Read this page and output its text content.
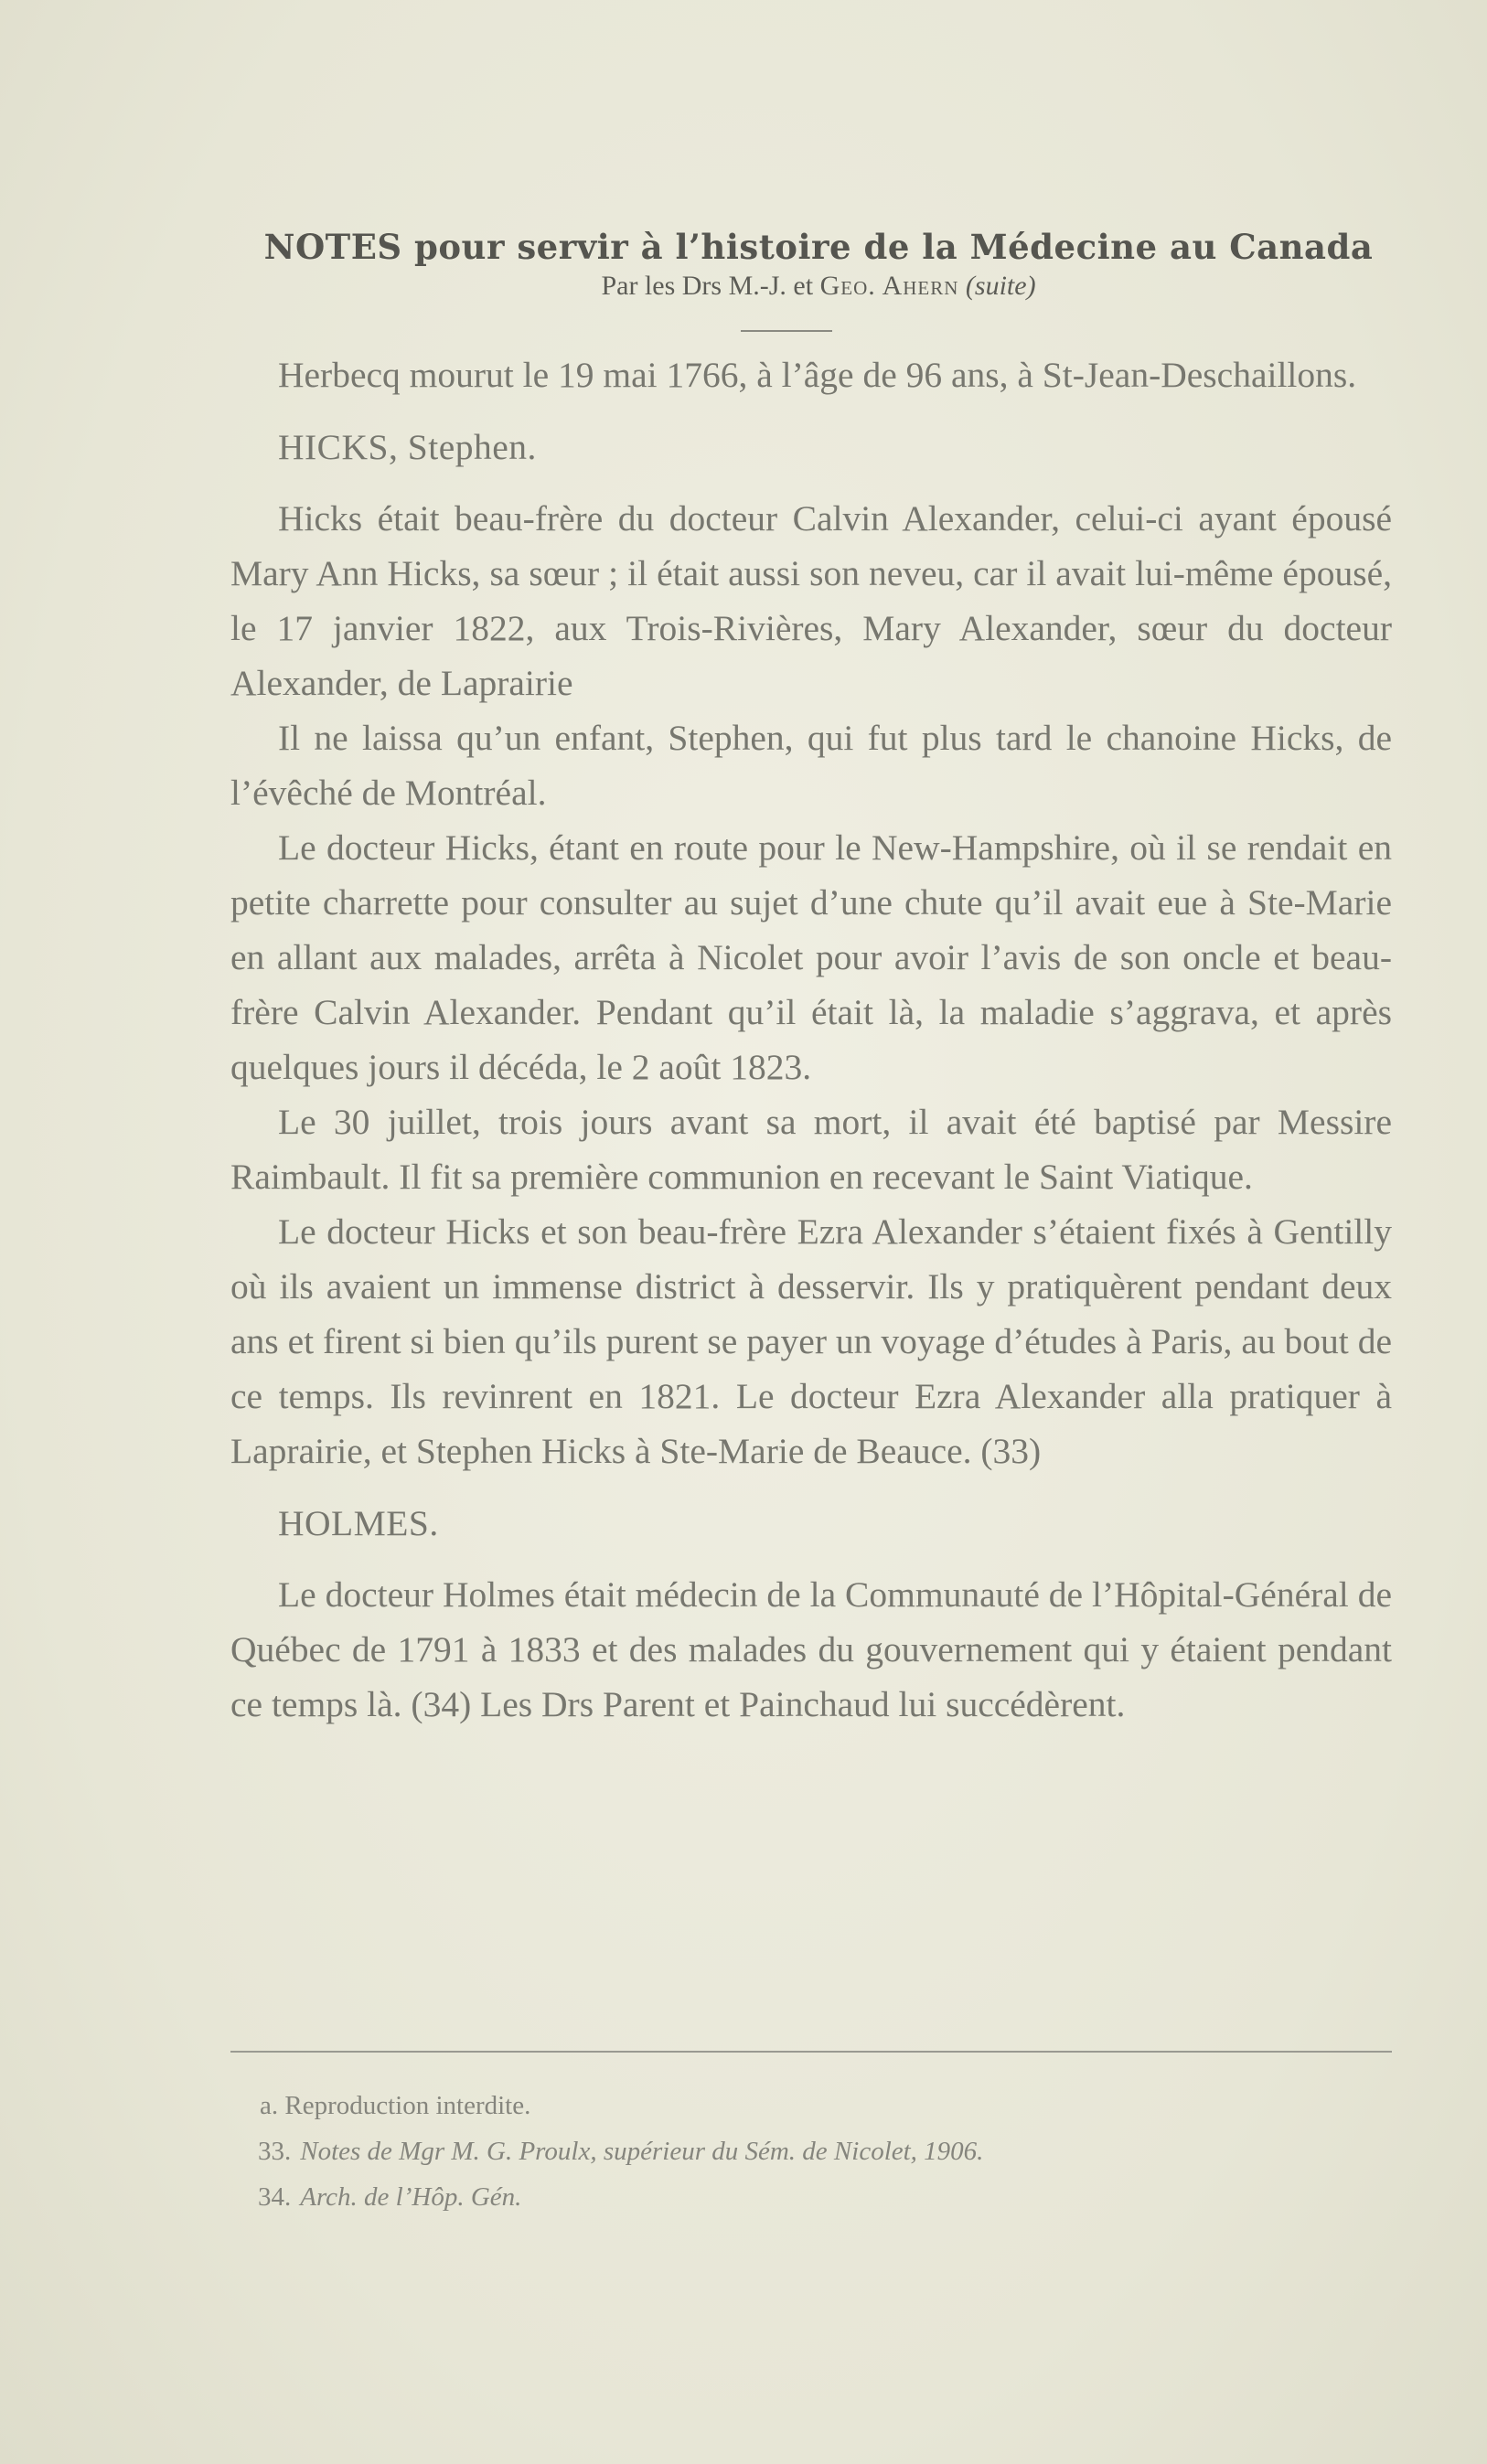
NOTES pour servir à l’histoire de la Médecine au Canada
Par les Drs M.-J. et Geo. Ahern (suite)

Herbecq mourut le 19 mai 1766, à l’âge de 96 ans, à St-Jean-Deschaillons.

HICKS, Stephen.

Hicks était beau-frère du docteur Calvin Alexander, celui-ci ayant épousé Mary Ann Hicks, sa sœur ; il était aussi son neveu, car il avait lui-même épousé, le 17 janvier 1822, aux Trois-Rivières, Mary Alexander, sœur du docteur Alexander, de Laprairie

Il ne laissa qu’un enfant, Stephen, qui fut plus tard le chanoine Hicks, de l’évêché de Montréal.

Le docteur Hicks, étant en route pour le New-Hampshire, où il se rendait en petite charrette pour consulter au sujet d’une chute qu’il avait eue à Ste-Marie en allant aux malades, arrêta à Nicolet pour avoir l’avis de son oncle et beau-frère Calvin Alexander. Pendant qu’il était là, la maladie s’aggrava, et après quelques jours il décéda, le 2 août 1823.

Le 30 juillet, trois jours avant sa mort, il avait été baptisé par Messire Raimbault. Il fit sa première communion en recevant le Saint Viatique.

Le docteur Hicks et son beau-frère Ezra Alexander s’étaient fixés à Gentilly où ils avaient un immense district à desservir. Ils y pratiquèrent pendant deux ans et firent si bien qu’ils purent se payer un voyage d’études à Paris, au bout de ce temps. Ils revinrent en 1821. Le docteur Ezra Alexander alla pratiquer à Laprairie, et Stephen Hicks à Ste-Marie de Beauce. (33)

HOLMES.

Le docteur Holmes était médecin de la Communauté de l’Hôpital-Général de Québec de 1791 à 1833 et des malades du gouvernement qui y étaient pendant ce temps là. (34) Les Drs Parent et Painchaud lui succédèrent.

a. Reproduction interdite.
33. Notes de Mgr M. G. Proulx, supérieur du Sém. de Nicolet, 1906.
34. Arch. de l’Hôp. Gén.
